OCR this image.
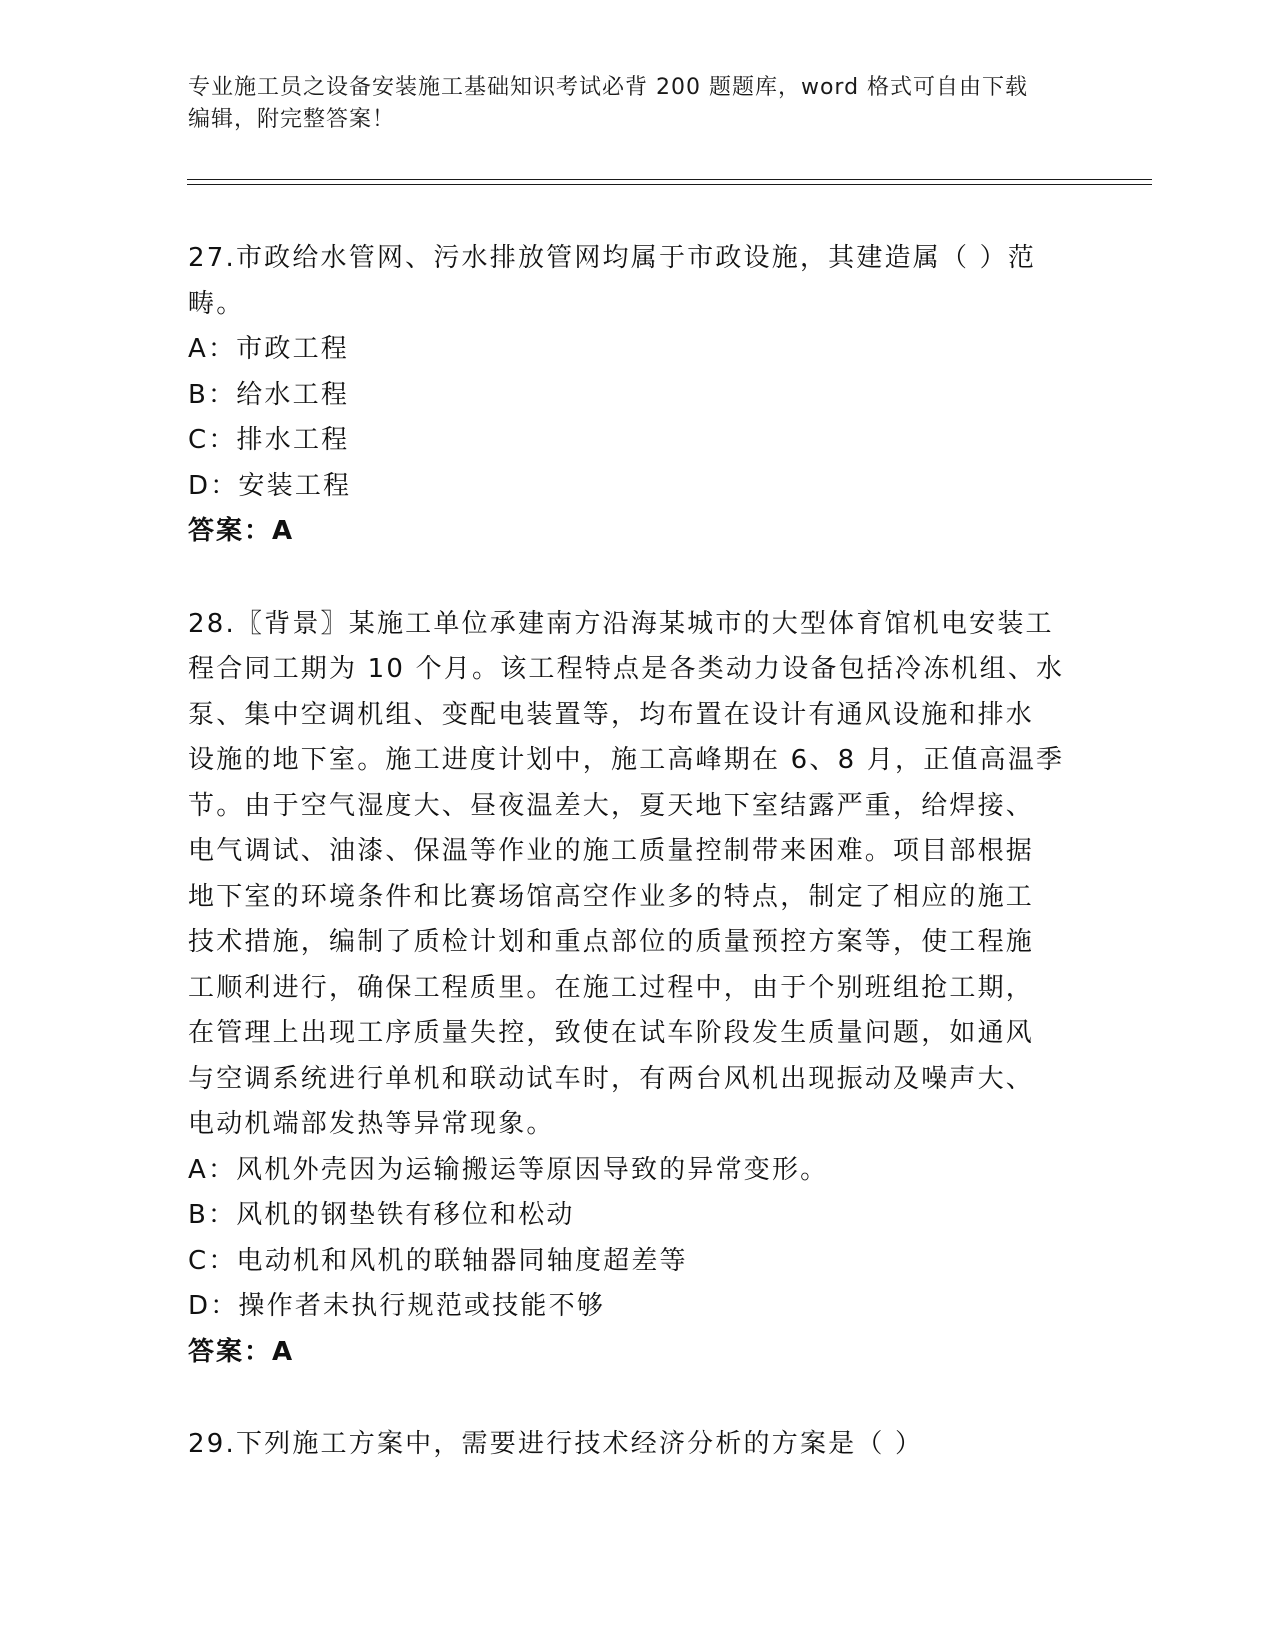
专业施工员之设备安装施工基础知识考试必背 200 题题库，word 格式可自由下载
编辑，附完整答案！

27.市政给水管网、污水排放管网均属于市政设施，其建造属（ ）范

畴。

A：市政工程

B：给水工程

C：排水工程

D：安装工程

答案：A

28.〖背景〗某施工单位承建南方沿海某城市的大型体育馆机电安装工

程合同工期为 10 个月。该工程特点是各类动力设备包括冷冻机组、水

泵、集中空调机组、变配电装置等，均布置在设计有通风设施和排水

设施的地下室。施工进度计划中，施工高峰期在 6、8 月，正值高温季

节。由于空气湿度大、昼夜温差大，夏天地下室结露严重，给焊接、

电气调试、油漆、保温等作业的施工质量控制带来困难。项目部根据

地下室的环境条件和比赛场馆高空作业多的特点，制定了相应的施工

技术措施，编制了质检计划和重点部位的质量预控方案等，使工程施

工顺利进行，确保工程质里。在施工过程中，由于个别班组抢工期，

在管理上出现工序质量失控，致使在试车阶段发生质量问题，如通风

与空调系统进行单机和联动试车时，有两台风机出现振动及噪声大、

电动机端部发热等异常现象。

A：风机外壳因为运输搬运等原因导致的异常变形。

B：风机的钢垫铁有移位和松动

C：电动机和风机的联轴器同轴度超差等

D：操作者未执行规范或技能不够

答案：A

29.下列施工方案中，需要进行技术经济分析的方案是（ ）
